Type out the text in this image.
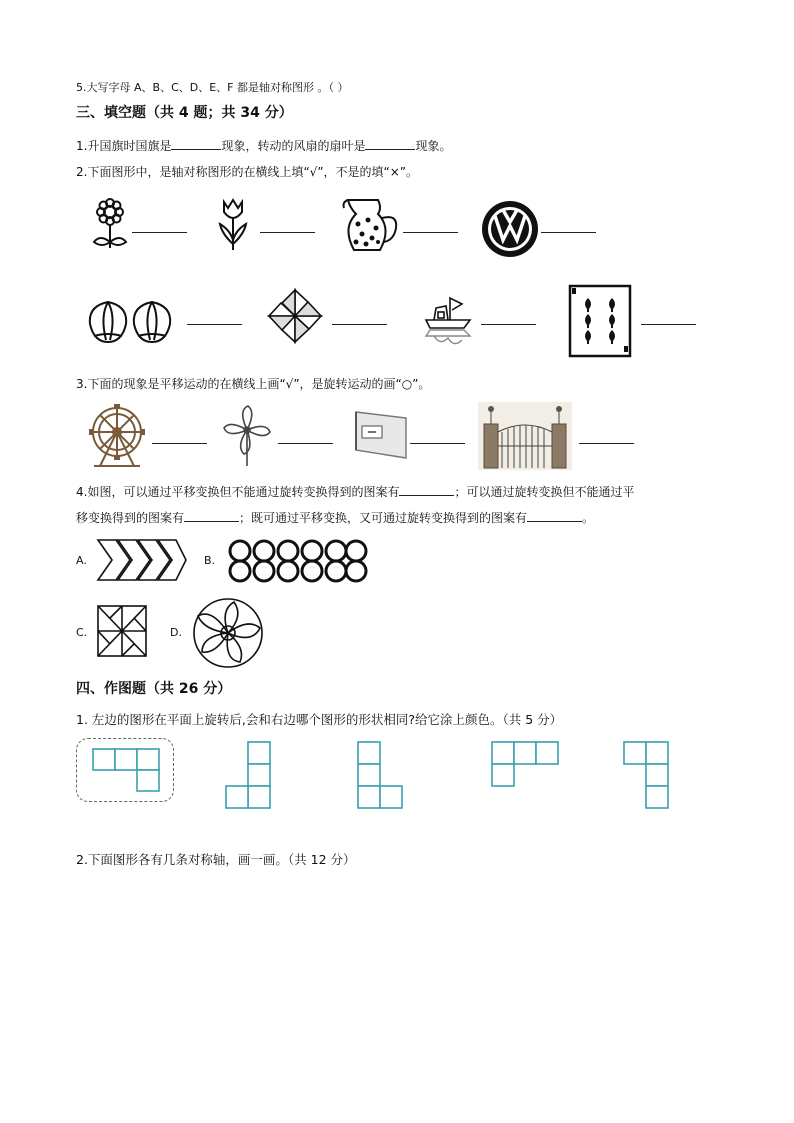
5.大写字母 A、B、C、D、E、F 都是轴对称图形 。（ ）
三、填空题（共 4 题；共 34 分）
1.升国旗时国旗是	现象，转动的风扇的扇叶是	现象。
2.下面图形中，是轴对称图形的在横线上填“√”，不是的填“×”。
3.下面的现象是平移运动的在横线上画“√”，是旋转运动的画“○”。
4.如图，可以通过平移变换但不能通过旋转变换得到的图案有	；可以通过旋转变换但不能通过平
移变换得到的图案有	；既可通过平移变换，又可通过旋转变换得到的图案有	。
A.	B.
C.	D.
四、作图题（共 26 分）
1. 左边的图形在平面上旋转后,会和右边哪个图形的形状相同?给它涂上颜色。（共 5 分）
2.下面图形各有几条对称轴，画一画。（共 12 分）
